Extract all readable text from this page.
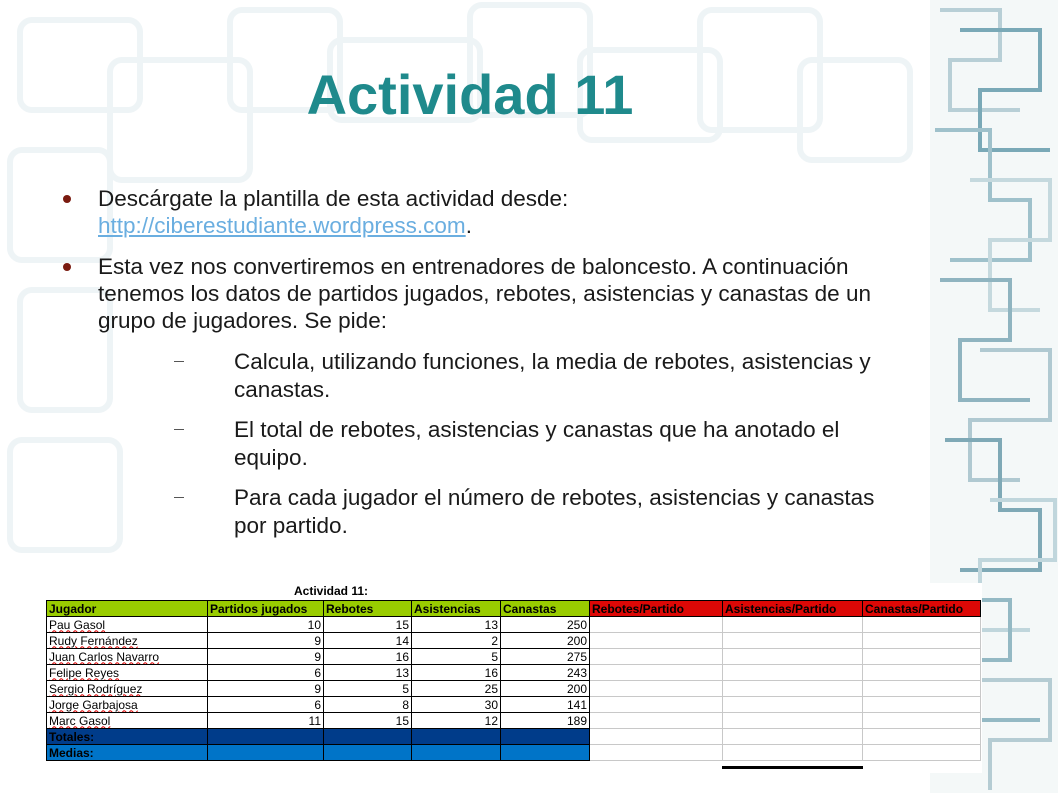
Actividad 11
Descárgate la plantilla de esta actividad desde:
http://ciberestudiante.wordpress.com.
Esta vez nos convertiremos en entrenadores de baloncesto. A continuación tenemos los datos de partidos jugados, rebotes, asistencias y canastas de un grupo de jugadores. Se pide:
Calcula, utilizando funciones, la media de rebotes, asistencias y canastas.
El total de rebotes, asistencias y canastas que ha anotado el equipo.
Para cada jugador el número de rebotes, asistencias y canastas por partido.
Actividad 11:
Jugador	Partidos jugados	Rebotes	Asistencias	Canastas	Rebotes/Partido	Asistencias/Partido	Canastas/Partido
Pau Gasol	10	15	13	250			
Rudy Fernández	9	14	2	200			
Juan Carlos Navarro	9	16	5	275			
Felipe Reyes	6	13	16	243			
Sergio Rodríguez	9	5	25	200			
Jorge Garbajosa	6	8	30	141			
Marc Gasol	11	15	12	189			
Totales:							
Medias:							
